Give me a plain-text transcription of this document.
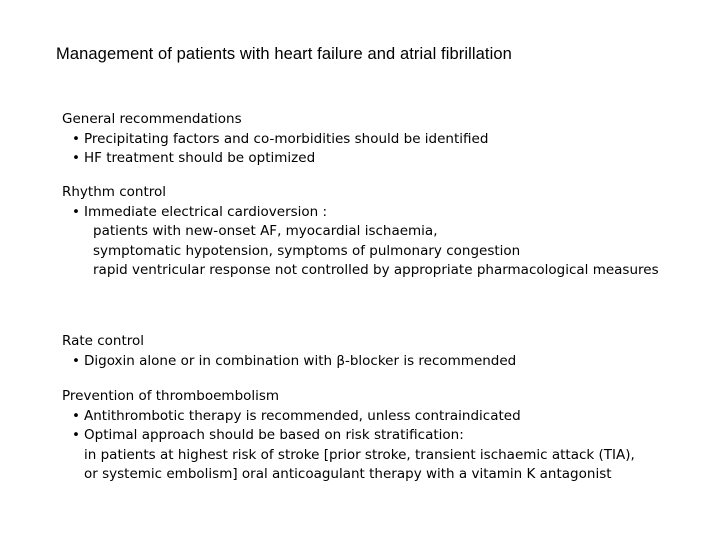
Management of patients with heart failure and atrial fibrillation
General recommendations
• Precipitating factors and co-morbidities should be identified
• HF treatment should be optimized
Rhythm control
• Immediate electrical cardioversion :
patients with new-onset AF, myocardial ischaemia,
symptomatic hypotension, symptoms of pulmonary congestion
rapid ventricular response not controlled by appropriate pharmacological measures
Rate control
• Digoxin alone or in combination with β-blocker is recommended
Prevention of thromboembolism
• Antithrombotic therapy is recommended, unless contraindicated
• Optimal approach should be based on risk stratification:
in patients at highest risk of stroke [prior stroke, transient ischaemic attack (TIA),
or systemic embolism] oral anticoagulant therapy with a vitamin K antagonist
